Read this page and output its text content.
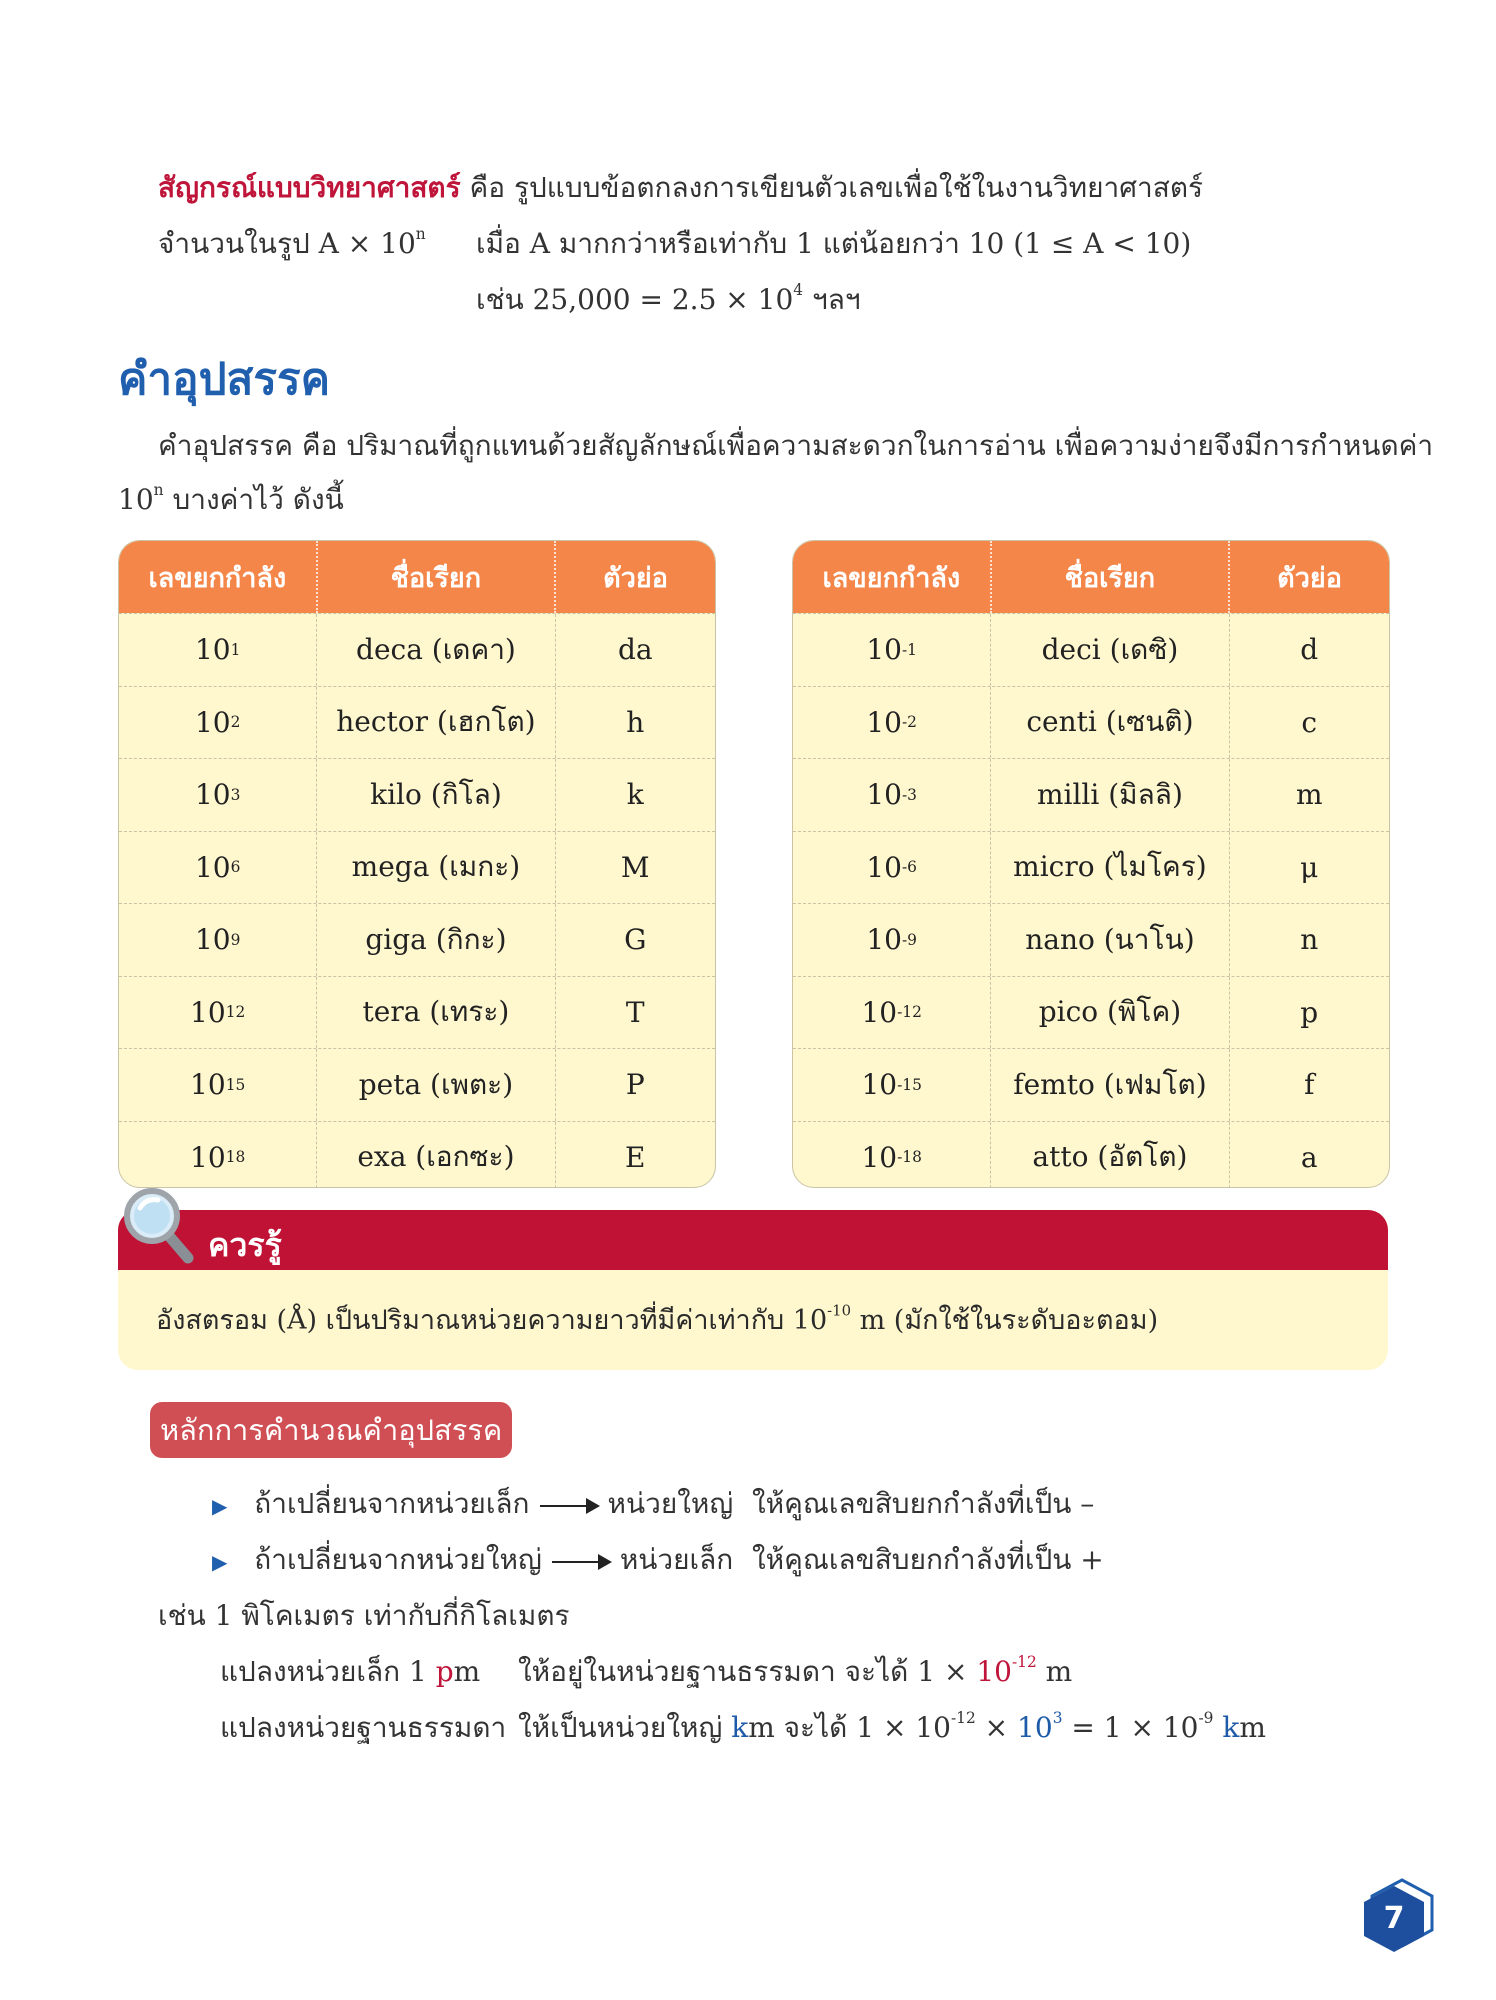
สัญกรณ์แบบวิทยาศาสตร์ คือ รูปแบบข้อตกลงการเขียนตัวเลขเพื่อใช้ในงานวิทยาศาสตร์
จำนวนในรูป $A \times 10^n$ เมื่อ A มากกว่าหรือเท่ากับ 1 แต่น้อยกว่า 10 (1 ≤ A < 10)
เช่น $25,000 = 2.5 \times 10^4$ ฯลฯ
คำอุปสรรค
คำอุปสรรค คือ ปริมาณที่ถูกแทนด้วยสัญลักษณ์เพื่อความสะดวกในการอ่าน เพื่อความง่ายจึงมีการกำหนดค่า
10$^n$ บางค่าไว้ ดังนี้
เลขยกกำลัง	ชื่อเรียก	ตัวย่อ
10 1	deca (เดคา)	da
10 2	hector (เฮกโต)	h
10 3	kilo (กิโล)	k
10 6	mega (เมกะ)	M
10 9	giga (กิกะ)	G
10 12	tera (เทระ)	T
10 15	peta (เพตะ)	P
10 18	exa (เอกซะ)	E
เลขยกกำลัง	ชื่อเรียก	ตัวย่อ
10 -1	deci (เดซิ)	d
10 -2	centi (เซนติ)	c
10 -3	milli (มิลลิ)	m
10 -6	micro (ไมโคร)	μ
10 -9	nano (นาโน)	n
10 -12	pico (พิโค)	p
10 -15	femto (เฟมโต)	f
10 -18	atto (อัตโต)	a
ควรรู้
อังสตรอม (Å) เป็นปริมาณหน่วยความยาวที่มีค่าเท่ากับ $10^{-10}$ m (มักใช้ในระดับอะตอม)
หลักการคำนวณคำอุปสรรค
▶ ถ้าเปลี่ยนจากหน่วยเล็ก	หน่วยใหญ่ ให้คูณเลขสิบยกกำลังที่เป็น –
▶ ถ้าเปลี่ยนจากหน่วยใหญ่	หน่วยเล็ก ให้คูณเลขสิบยกกำลังที่เป็น +
เช่น 1 พิโคเมตร เท่ากับกี่กิโลเมตร
แปลงหน่วยเล็ก 1 pm ให้อยู่ในหน่วยฐานธรรมดา จะได้ $1 \times 10^{-12}$ m
แปลงหน่วยฐานธรรมดา ให้เป็นหน่วยใหญ่ km จะได้ $1 \times 10^{-12} \times 10^3 = 1 \times 10^{-9}$ km
7
